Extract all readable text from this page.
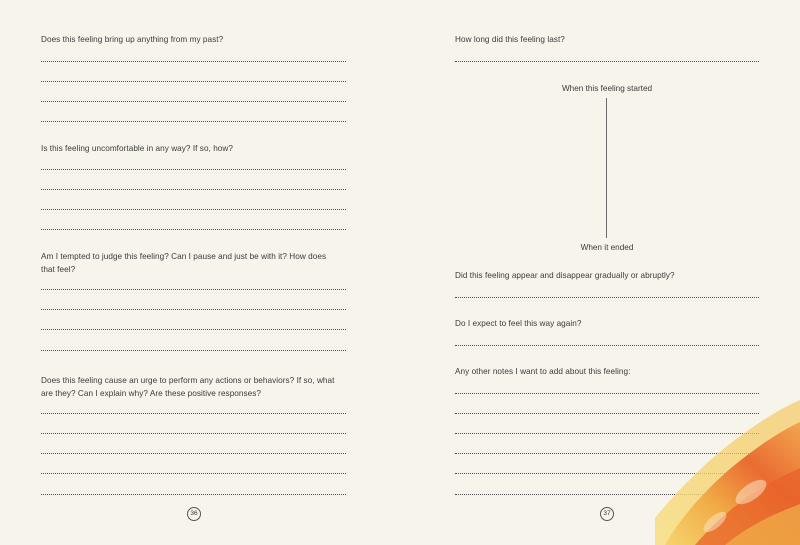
Does this feeling bring up anything from my past?
Is this feeling uncomfortable in any way? If so, how?
Am I tempted to judge this feeling? Can I pause and just be with it? How does that feel?
Does this feeling cause an urge to perform any actions or behaviors? If so, what are they? Can I explain why? Are these positive responses?
36
How long did this feeling last?
When this feeling started
When it ended
Did this feeling appear and disappear gradually or abruptly?
Do I expect to feel this way again?
Any other notes I want to add about this feeling:
37
